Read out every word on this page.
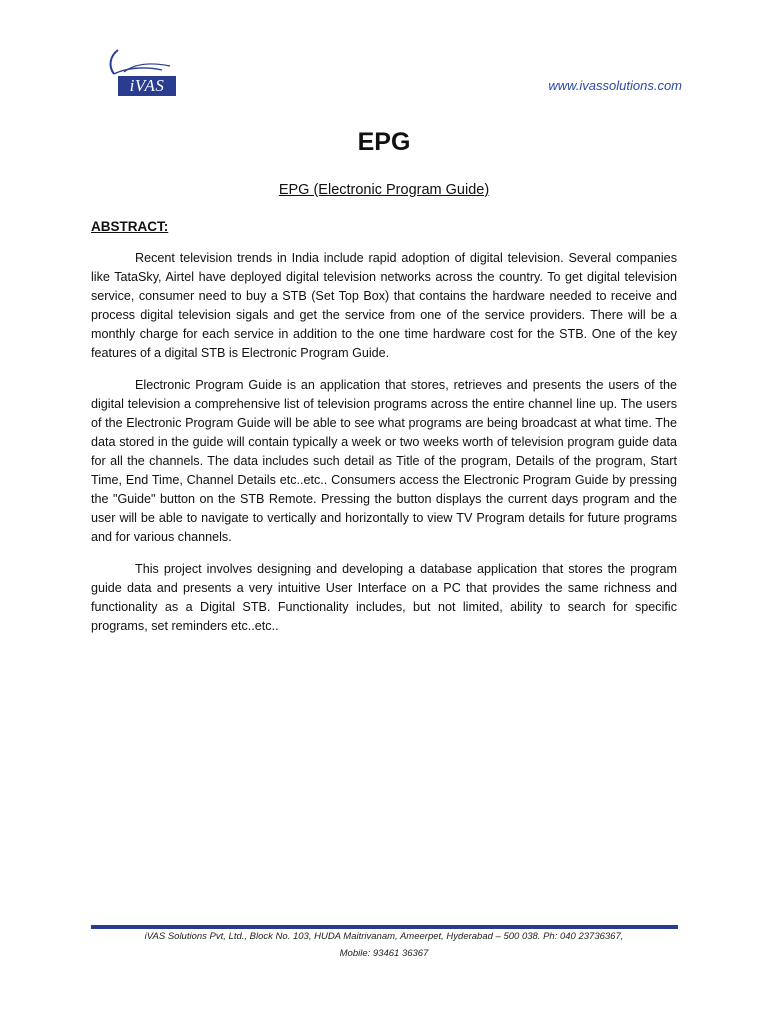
iVAS	www.ivassolutions.com
EPG
EPG (Electronic Program Guide)
ABSTRACT:

Recent television trends in India include rapid adoption of digital television. Several companies like TataSky, Airtel have deployed digital television networks across the country. To get digital television service, consumer need to buy a STB (Set Top Box) that contains the hardware needed to receive and process digital television sigals and get the service from one of the service providers. There will be a monthly charge for each service in addition to the one time hardware cost for the STB. One of the key features of a digital STB is Electronic Program Guide.

Electronic Program Guide is an application that stores, retrieves and presents the users of the digital television a comprehensive list of television programs across the entire channel line up. The users of the Electronic Program Guide will be able to see what programs are being broadcast at what time. The data stored in the guide will contain typically a week or two weeks worth of television program guide data for all the channels. The data includes such detail as Title of the program, Details of the program, Start Time, End Time, Channel Details etc..etc.. Consumers access the Electronic Program Guide by pressing the "Guide" button on the STB Remote. Pressing the button displays the current days program and the user will be able to navigate to vertically and horizontally to view TV Program details for future programs and for various channels.

This project involves designing and developing a database application that stores the program guide data and presents a very intuitive User Interface on a PC that provides the same richness and functionality as a Digital STB. Functionality includes, but not limited, ability to search for specific programs, set reminders etc..etc..

iVAS Solutions Pvt, Ltd., Block No. 103, HUDA Maitrivanam, Ameerpet, Hyderabad – 500 038. Ph: 040 23736367,
Mobile: 93461 36367
